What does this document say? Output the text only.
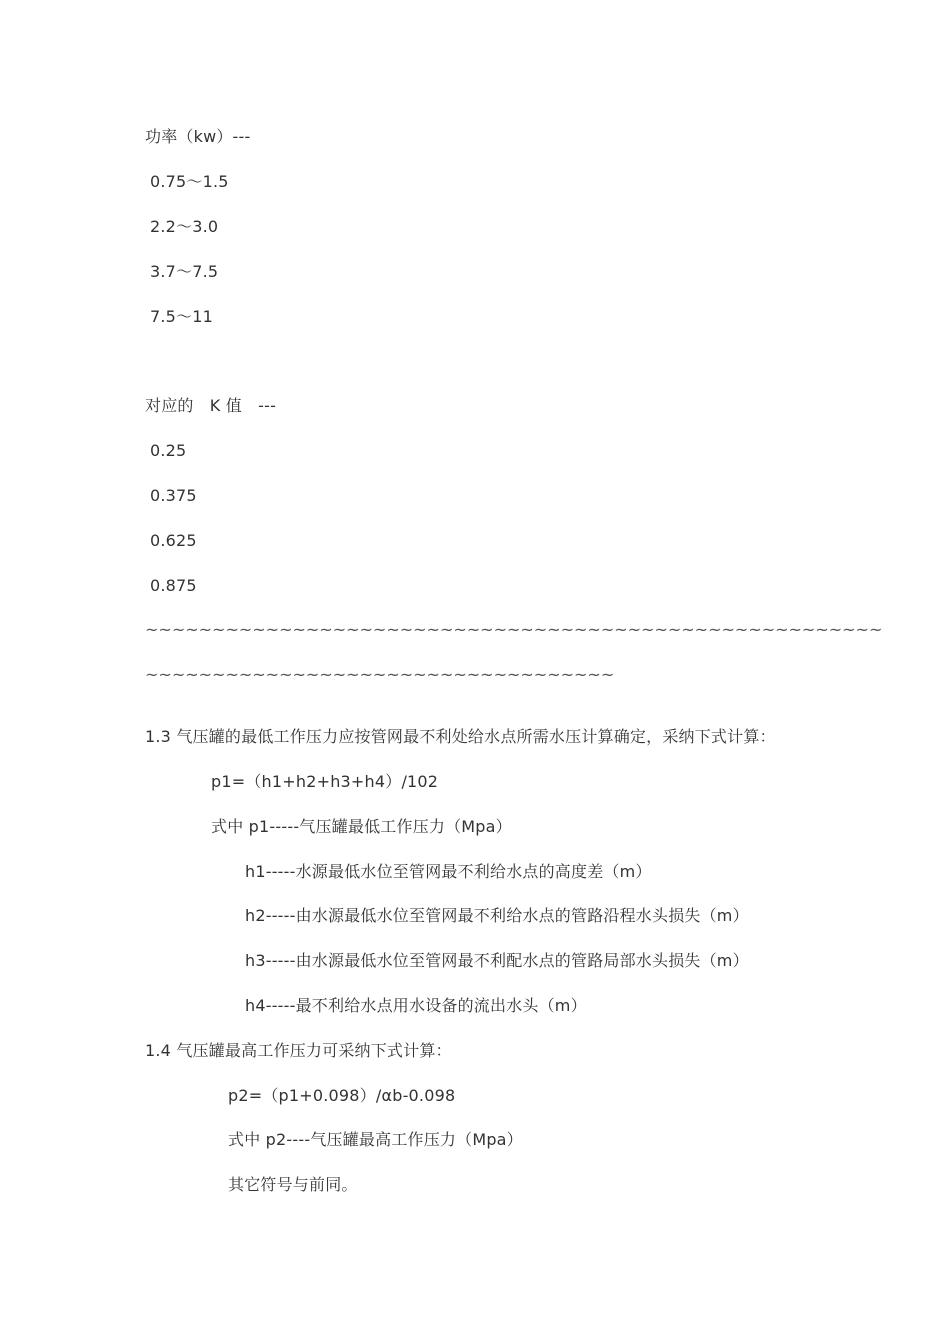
功率（kw）---
0.75～1.5
2.2～3.0
3.7～7.5
7.5～11
对应的　K 值　---
0.25
0.375
0.625
0.875
~~~~~~~~~~~~~~~~~~~~~~~~~~~~~~~~~~~~~~~~~~~~~~~~~~~~~~~
~~~~~~~~~~~~~~~~~~~~~~~~~~~~~~~~~~~
1.3 气压罐的最低工作压力应按管网最不利处给水点所需水压计算确定，采纳下式计算：
p1=（h1+h2+h3+h4）/102
式中 p1-----气压罐最低工作压力（Mpa）
h1-----水源最低水位至管网最不利给水点的高度差（m）
h2-----由水源最低水位至管网最不利给水点的管路沿程水头损失（m）
h3-----由水源最低水位至管网最不利配水点的管路局部水头损失（m）
h4-----最不利给水点用水设备的流出水头（m）
1.4 气压罐最高工作压力可采纳下式计算：
p2=（p1+0.098）/αb-0.098
式中 p2----气压罐最高工作压力（Mpa）
其它符号与前同。
